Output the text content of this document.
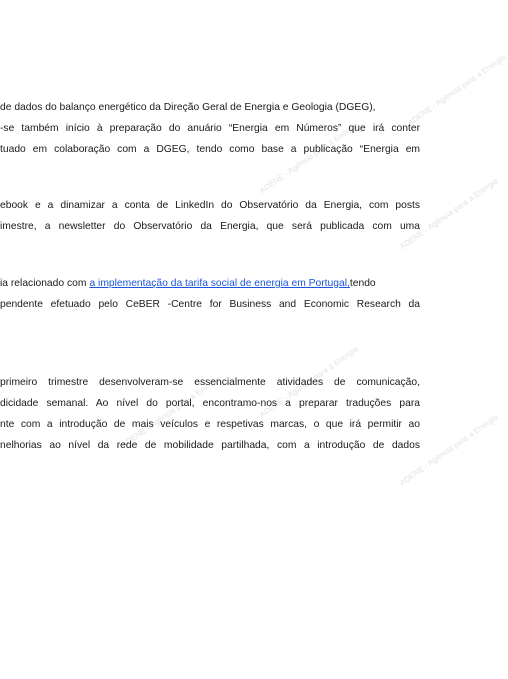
ADENE - Agência para a Energia
ADENE - Agência para a Energia
ADENE - Agência para a Energia
ADENE - Agência para a Energia
ADENE - Agência para a Energia
ADENE - Agência para a Energia
de dados do balanço energético da Direção Geral de Energia e Geologia (DGEG),
-se também início à preparação do anuário “Energia em Números” que irá conter
tuado em colaboração com a DGEG, tendo como base a publicação “Energia em
ebook e a dinamizar a conta de LinkedIn do Observatório da Energia, com posts
imestre, a newsletter do Observatório da Energia, que será publicada com uma
ia relacionado com a implementação da tarifa social de energia em Portugal, tendo
pendente efetuado pelo CeBER -Centre for Business and Economic Research da
primeiro trimestre desenvolveram-se essencialmente atividades de comunicação,
dicidade semanal. Ao nível do portal, encontramo-nos a preparar traduções para
nte com a introdução de mais veículos e respetivas marcas, o que irá permitir ao
nelhorias ao nível da rede de mobilidade partilhada, com a introdução de dados
